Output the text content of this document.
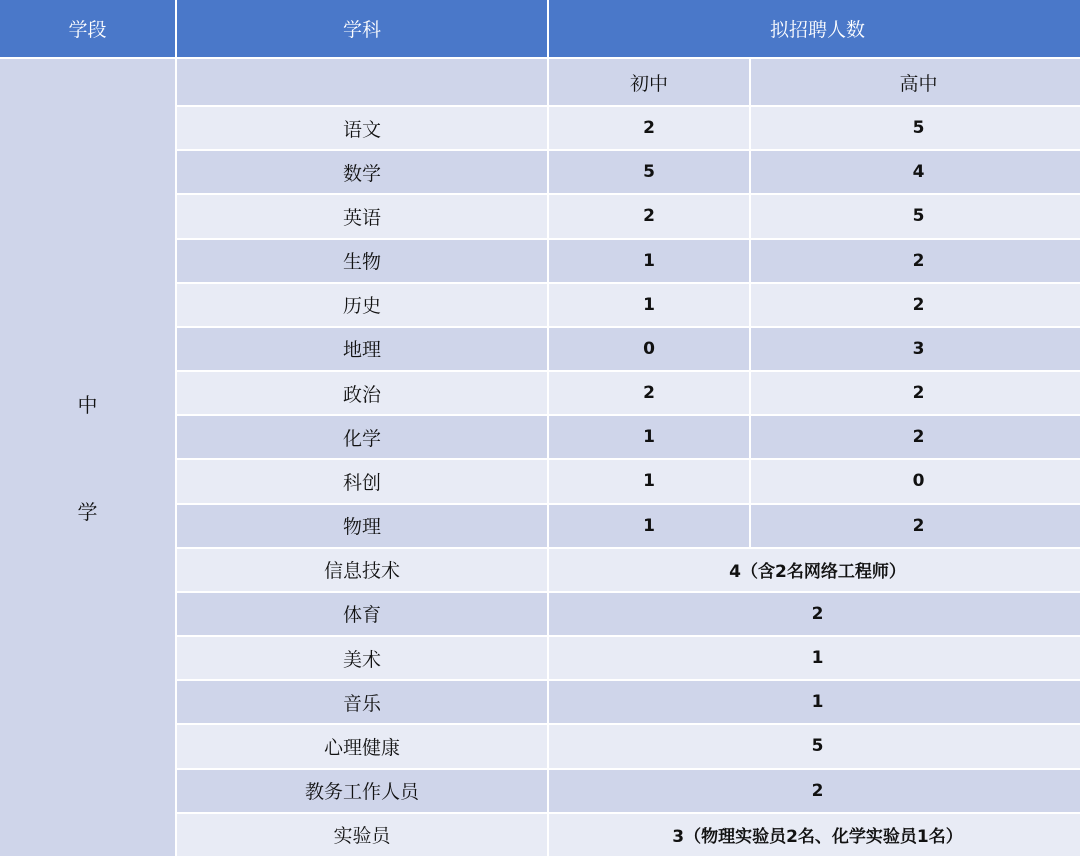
学段	学科	拟招聘人数
中
学
初中	高中
语文	2	5
数学	5	4
英语	2	5
生物	1	2
历史	1	2
地理	0	3
政治	2	2
化学	1	2
科创	1	0
物理	1	2
信息技术	4（含2名网络工程师）
体育	2
美术	1
音乐	1
心理健康	5
教务工作人员	2
实验员	3（物理实验员2名、化学实验员1名）
